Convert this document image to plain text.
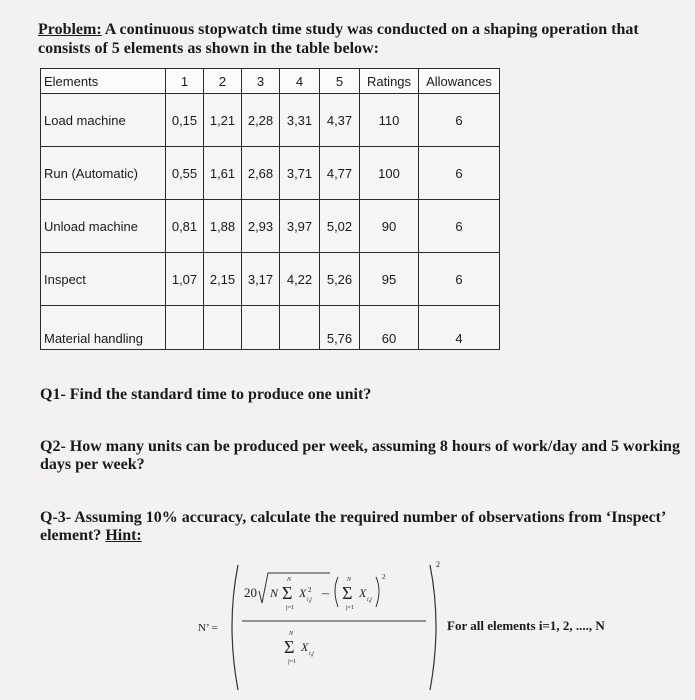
Problem: A continuous stopwatch time study was conducted on a shaping operation that consists of 5 elements as shown in the table below:
Elements	1	2	3	4	5	Ratings	Allowances
Load machine	0,15	1,21	2,28	3,31	4,37	110	6
Run (Automatic)	0,55	1,61	2,68	3,71	4,77	100	6
Unload machine	0,81	1,88	2,93	3,97	5,02	90	6
Inspect	1,07	2,15	3,17	4,22	5,26	95	6
Material handling					5,76	60	4
Q1- Find the standard time to produce one unit?
Q2- How many units can be produced per week, assuming 8 hours of work/day and 5 working days per week?
Q-3- Assuming 10% accuracy, calculate the required number of observations from ‘Inspect’ element? Hint:
N’ =
2
20 N Σ X 2
i,j
N
j=1
– Σ X i,j
N
j=1
2
Σ X i,j
N
j=1
For all elements i=1, 2, ...., N
